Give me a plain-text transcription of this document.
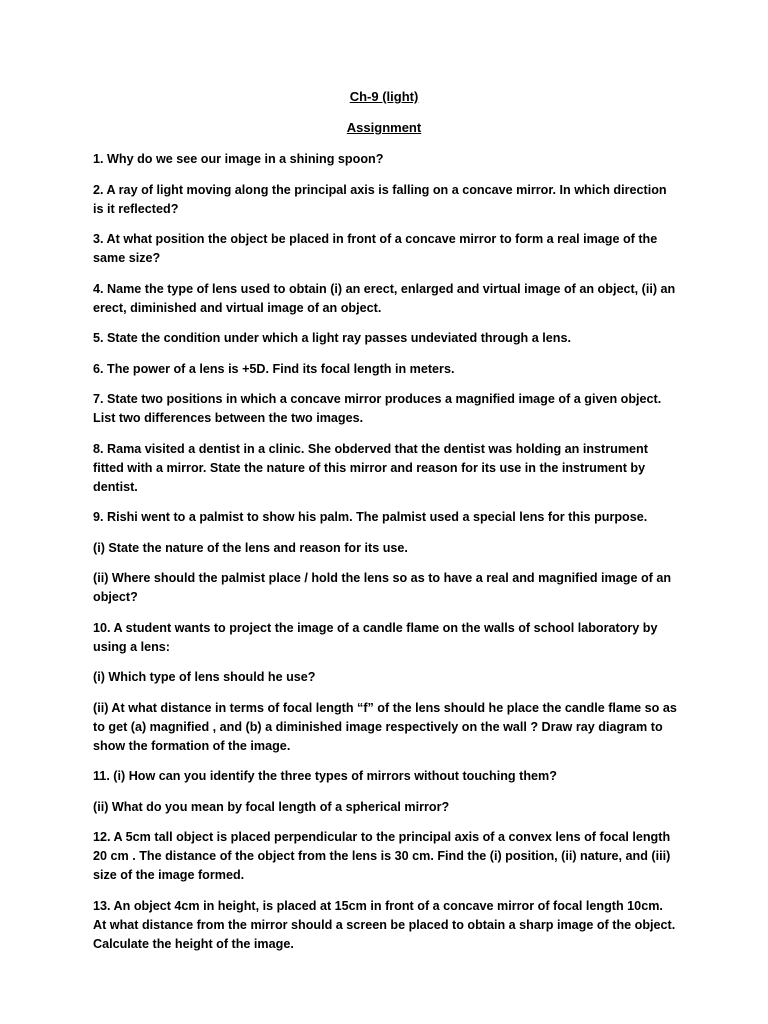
Ch-9 (light)
Assignment

1. Why do we see our image in a shining spoon?

2. A ray of light moving along the principal axis is falling on a concave mirror. In which direction is it reflected?

3. At what position the object be placed in front of a concave mirror to form a real image of the same size?

4. Name the type of lens used to obtain (i) an erect, enlarged and virtual image of an object, (ii) an erect, diminished and virtual image of an object.

5. State the condition under which a light ray passes undeviated through a lens.

6. The power of a lens is +5D. Find its focal length in meters.

7. State two positions in which a concave mirror produces a magnified image of a given object. List two differences between the two images.

8. Rama visited a dentist in a clinic. She obderved that the dentist was holding an instrument fitted with a mirror. State the nature of this mirror and reason for its use in the instrument by dentist.

9. Rishi went to a palmist to show his palm. The palmist used a special lens for this purpose.

(i) State the nature of the lens and reason for its use.

(ii) Where should the palmist place / hold the lens so as to have a real and magnified image of an object?

10. A student wants to project the image of a candle flame on the walls of school laboratory by using a lens:

(i) Which type of lens should he use?

(ii) At what distance in terms of focal length “f” of the lens should he place the candle flame so as to get (a) magnified , and (b) a diminished image respectively on the wall ? Draw ray diagram to show the formation of the image.

11. (i) How can you identify the three types of mirrors without touching them?

(ii) What do you mean by focal length of a spherical mirror?

12. A 5cm tall object is placed perpendicular to the principal axis of a convex lens of focal length 20 cm . The distance of the object from the lens is 30 cm. Find the (i) position, (ii) nature, and (iii) size of the image formed.

13. An object 4cm in height, is placed at 15cm in front of a concave mirror of focal length 10cm. At what distance from the mirror should a screen be placed to obtain a sharp image of the object. Calculate the height of the image.
